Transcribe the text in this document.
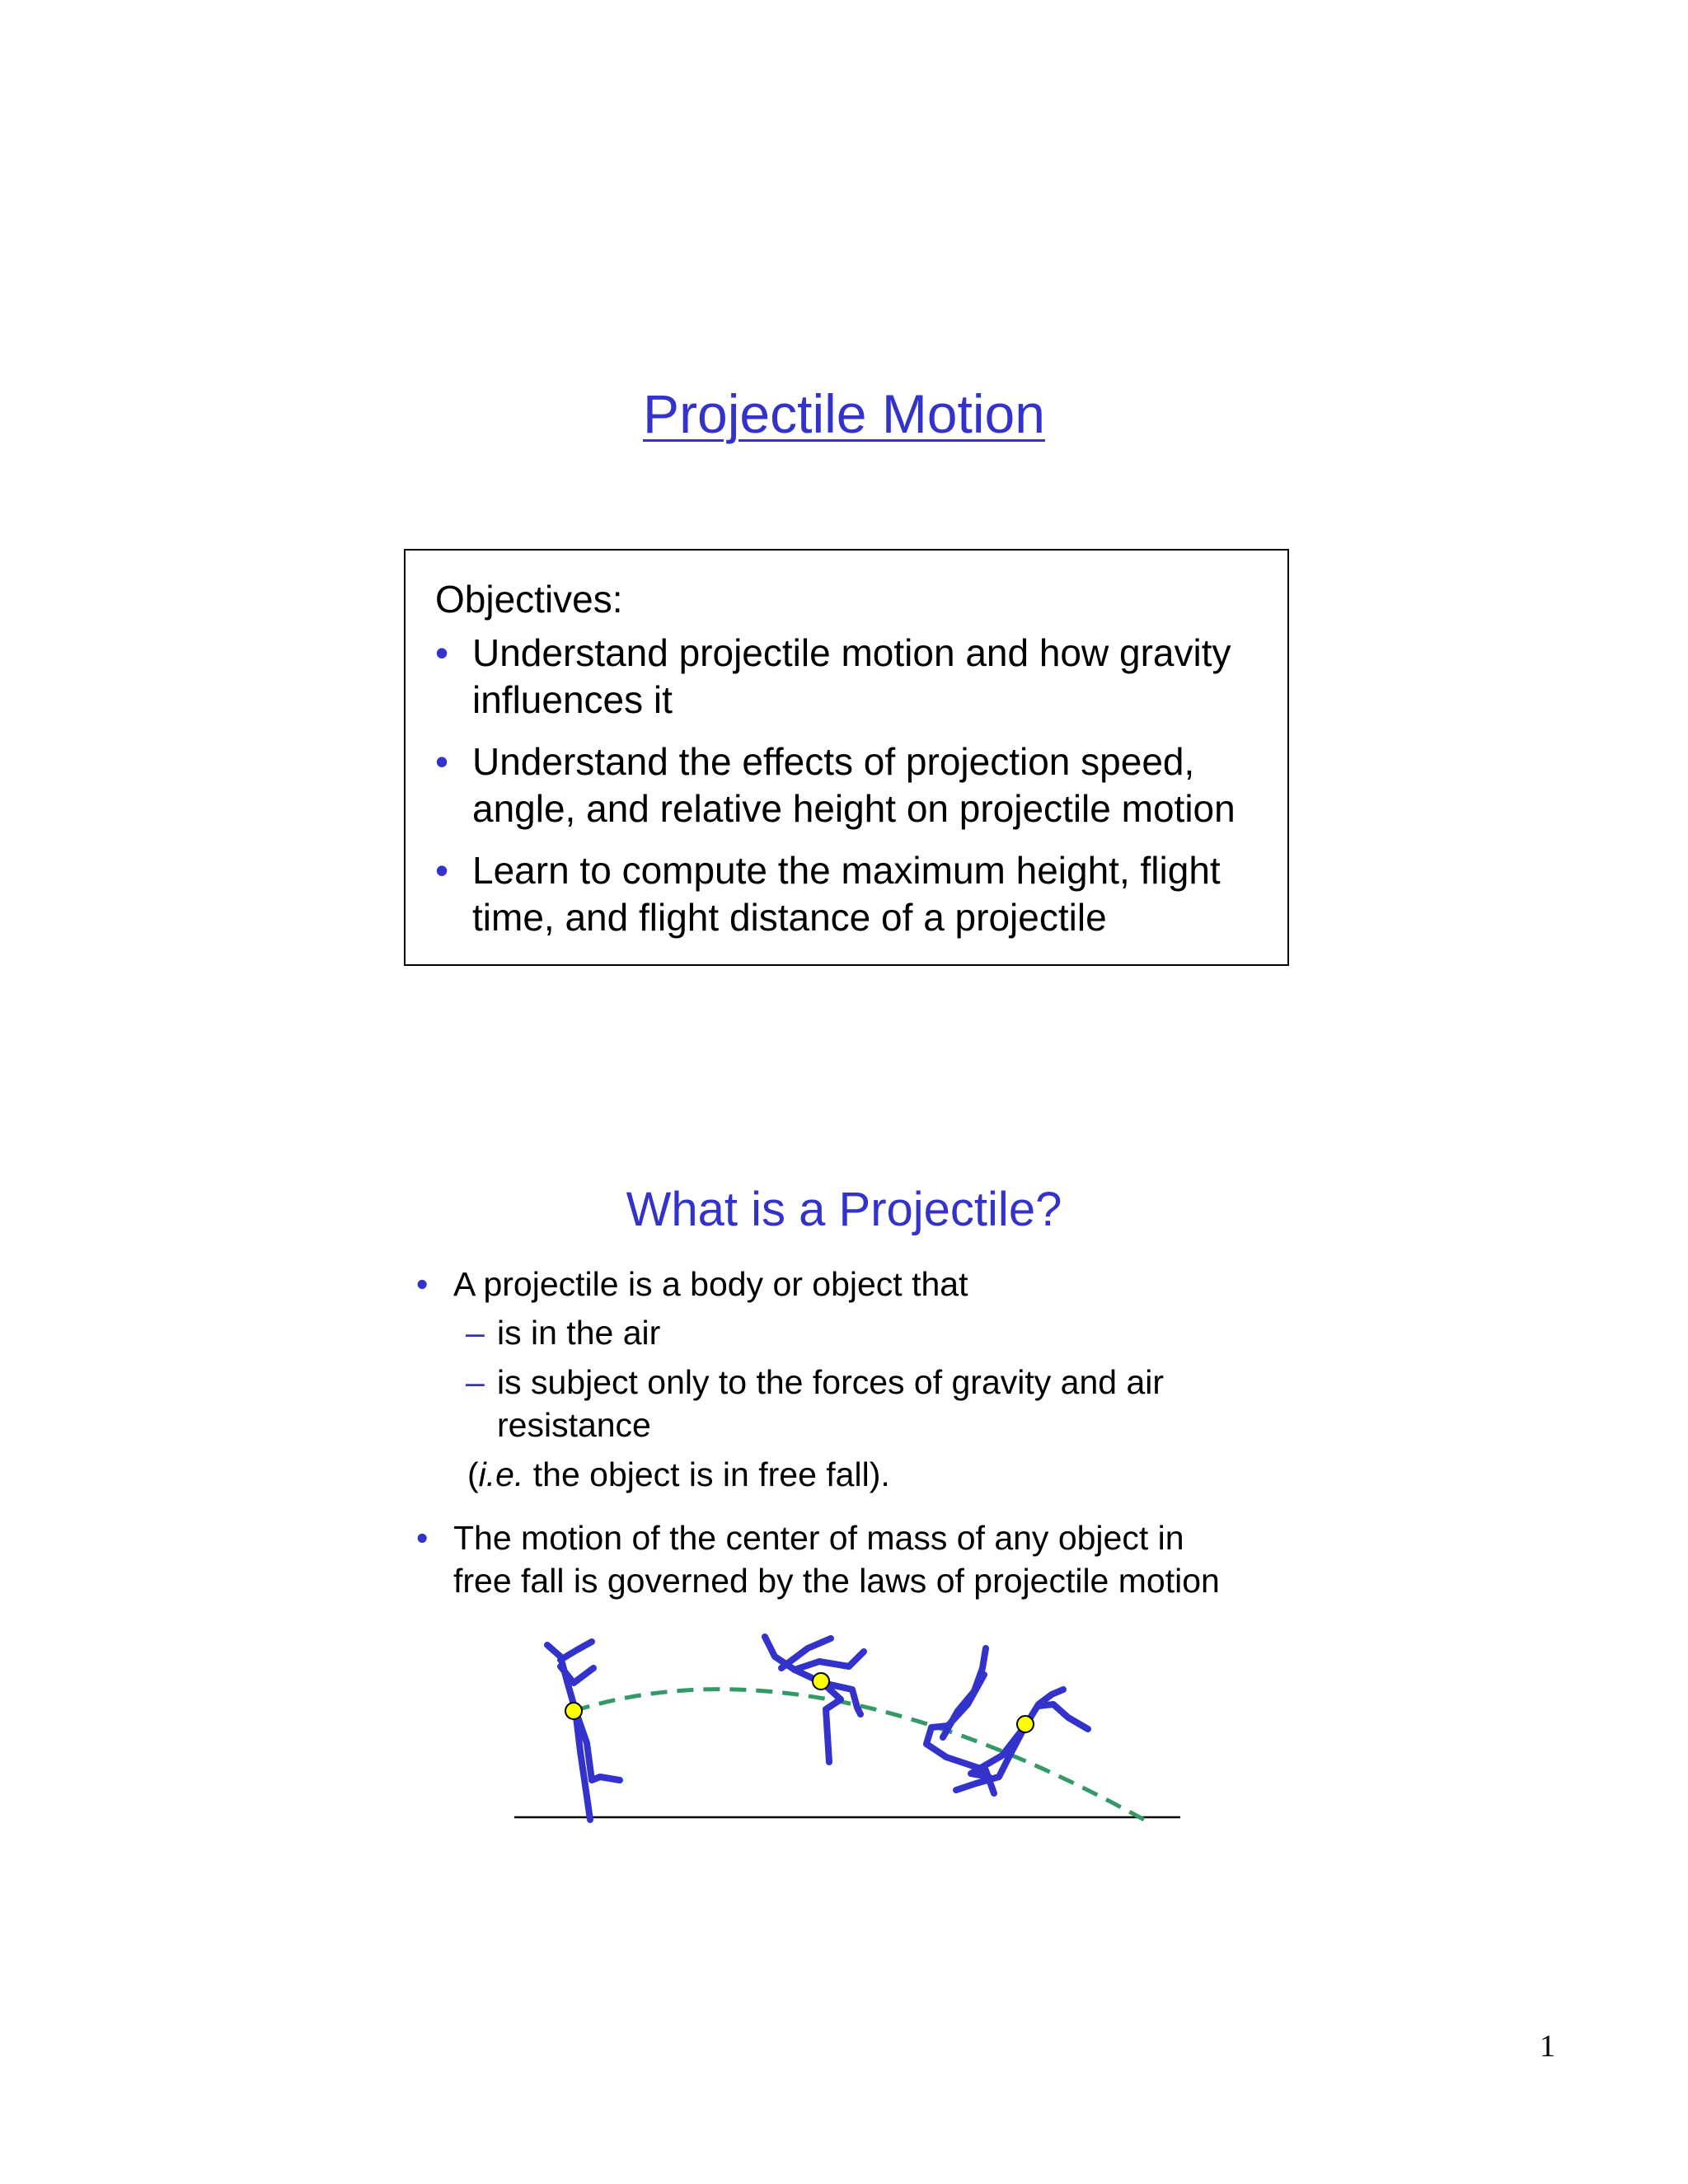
Projectile Motion
Objectives:
• Understand projectile motion and how gravity
influences it
• Understand the effects of projection speed,
angle, and relative height on projectile motion
• Learn to compute the maximum height, flight
time, and flight distance of a projectile
What is a Projectile?
• A projectile is a body or object that
– is in the air
– is subject only to the forces of gravity and air
resistance
(i.e. the object is in free fall).
• The motion of the center of mass of any object in
free fall is governed by the laws of projectile motion
1
